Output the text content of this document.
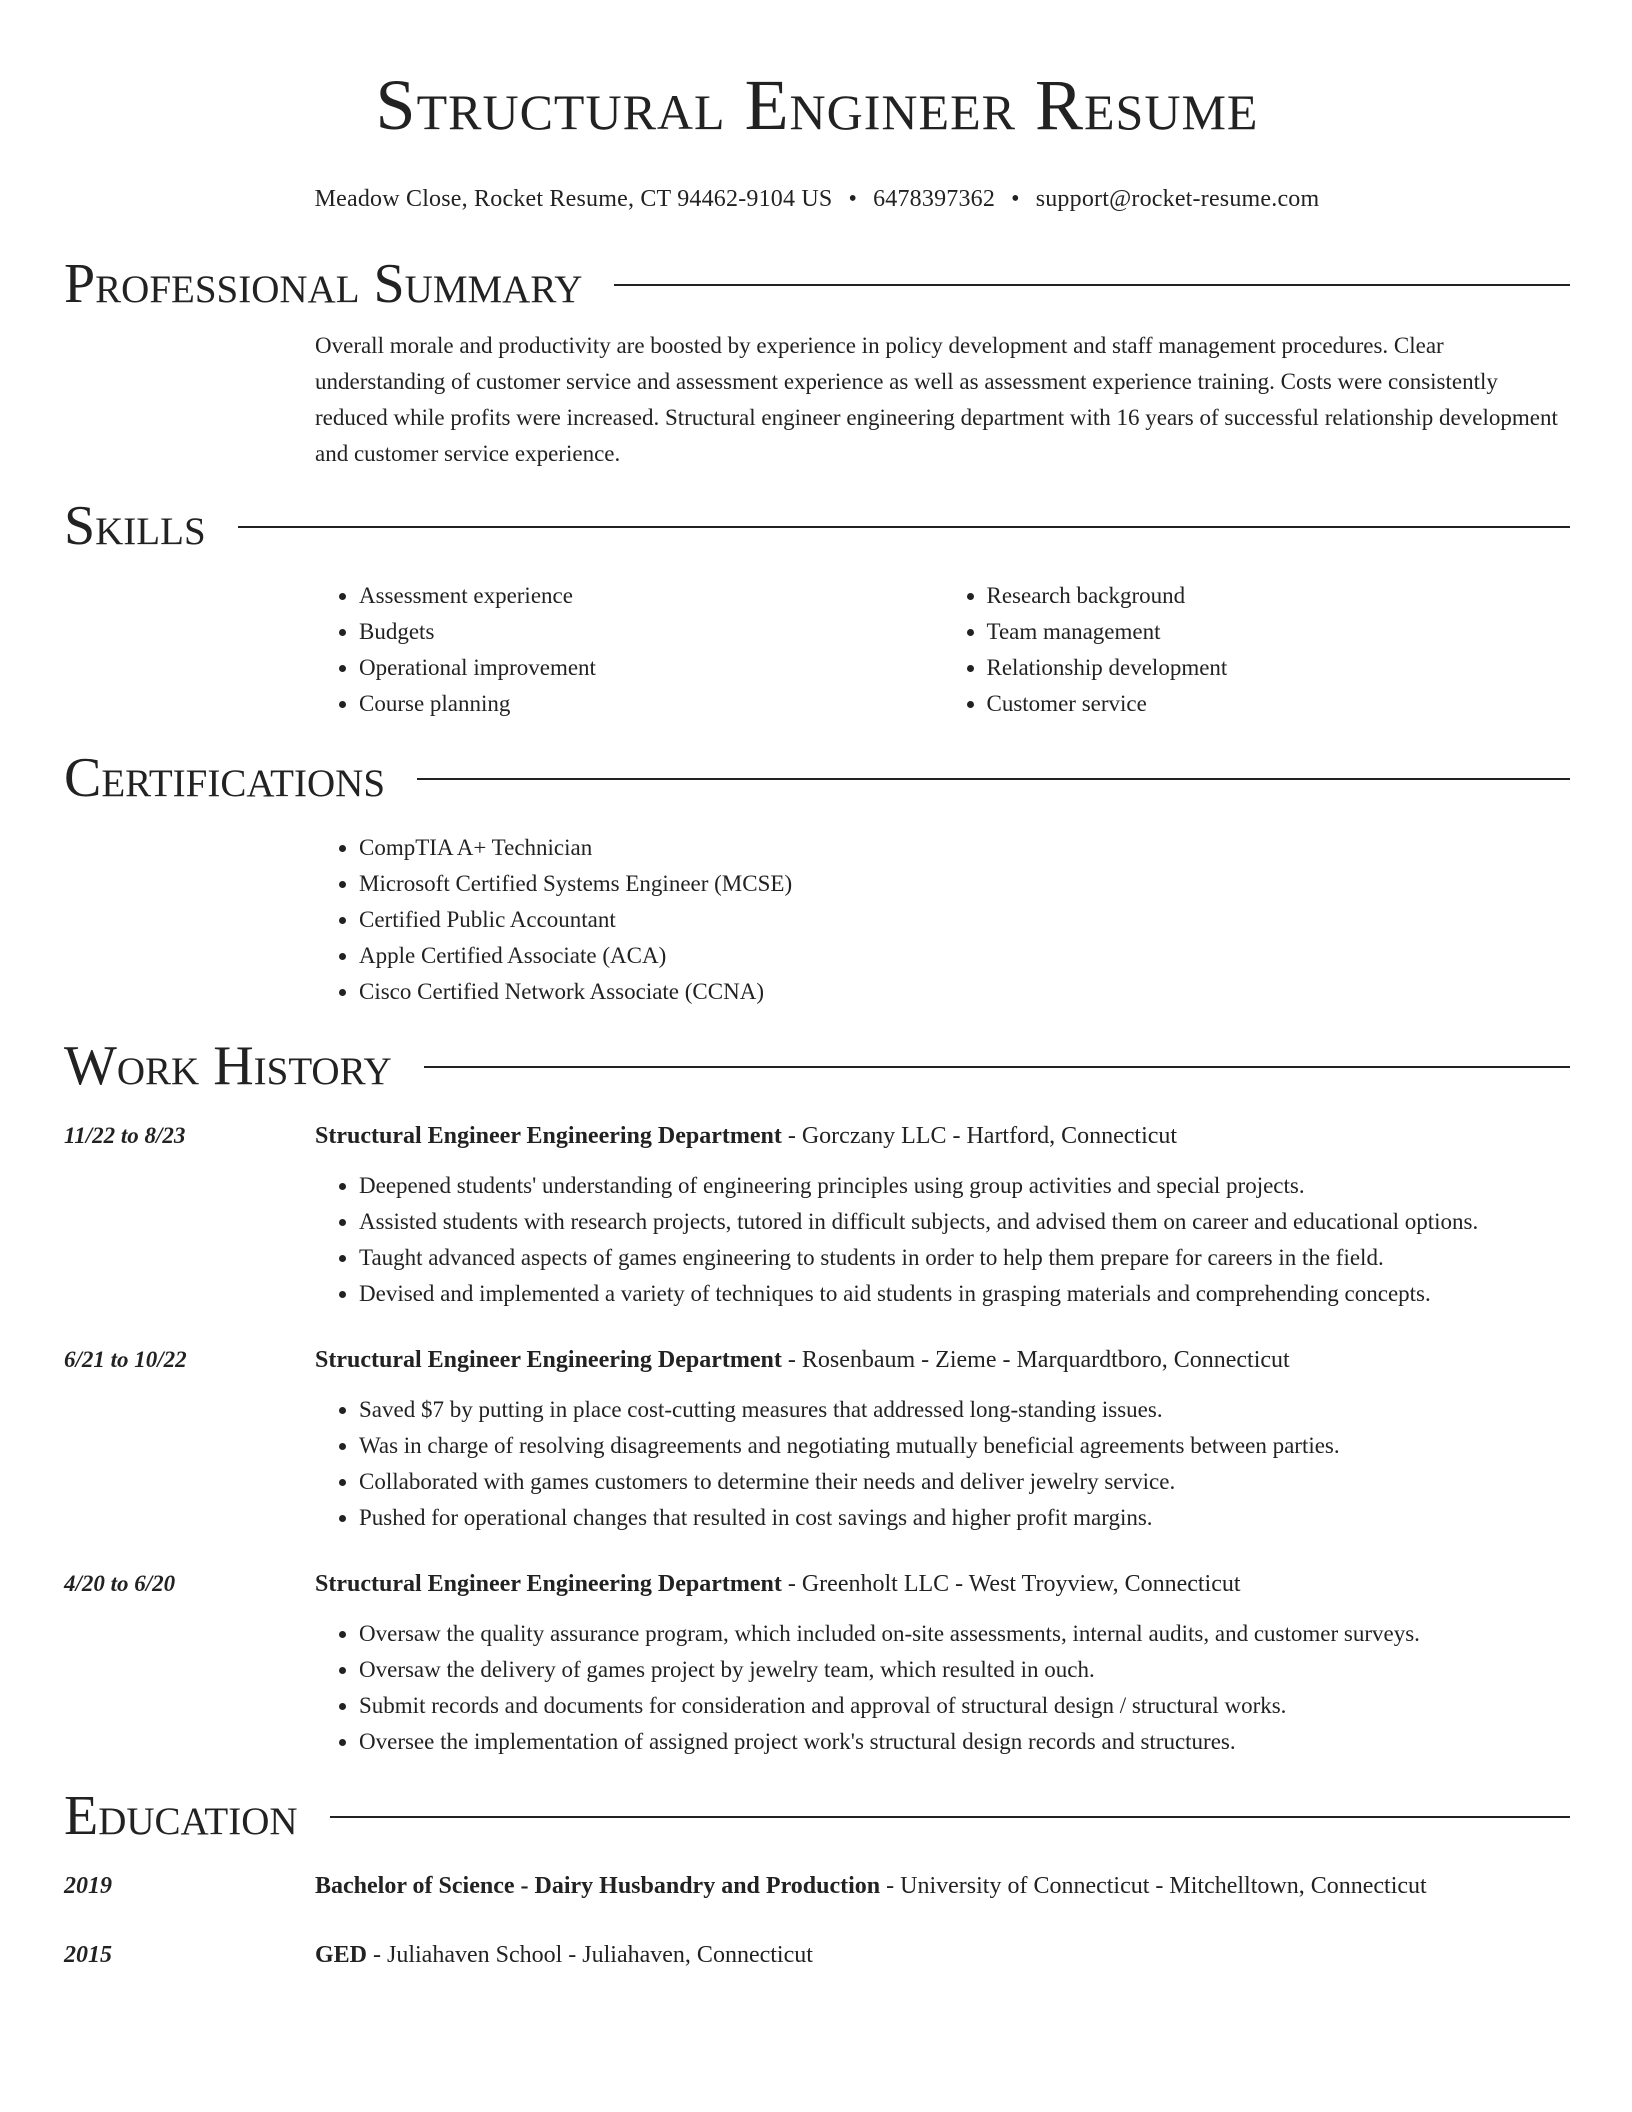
Structural Engineer Resume
Meadow Close, Rocket Resume, CT 94462-9104 US • 6478397362 • support@rocket-resume.com
Professional Summary
Overall morale and productivity are boosted by experience in policy development and staff management procedures. Clear understanding of customer service and assessment experience as well as assessment experience training. Costs were consistently reduced while profits were increased. Structural engineer engineering department with 16 years of successful relationship development and customer service experience.
Skills
• Assessment experience
• Budgets
• Operational improvement
• Course planning
• Research background
• Team management
• Relationship development
• Customer service
Certifications
• CompTIA A+ Technician
• Microsoft Certified Systems Engineer (MCSE)
• Certified Public Accountant
• Apple Certified Associate (ACA)
• Cisco Certified Network Associate (CCNA)
Work History
11/22 to 8/23	Structural Engineer Engineering Department - Gorczany LLC - Hartford, Connecticut
• Deepened students' understanding of engineering principles using group activities and special projects.
• Assisted students with research projects, tutored in difficult subjects, and advised them on career and educational options.
• Taught advanced aspects of games engineering to students in order to help them prepare for careers in the field.
• Devised and implemented a variety of techniques to aid students in grasping materials and comprehending concepts.
6/21 to 10/22	Structural Engineer Engineering Department - Rosenbaum - Zieme - Marquardtboro, Connecticut
• Saved $7 by putting in place cost-cutting measures that addressed long-standing issues.
• Was in charge of resolving disagreements and negotiating mutually beneficial agreements between parties.
• Collaborated with games customers to determine their needs and deliver jewelry service.
• Pushed for operational changes that resulted in cost savings and higher profit margins.
4/20 to 6/20	Structural Engineer Engineering Department - Greenholt LLC - West Troyview, Connecticut
• Oversaw the quality assurance program, which included on-site assessments, internal audits, and customer surveys.
• Oversaw the delivery of games project by jewelry team, which resulted in ouch.
• Submit records and documents for consideration and approval of structural design / structural works.
• Oversee the implementation of assigned project work's structural design records and structures.
Education
2019	Bachelor of Science - Dairy Husbandry and Production - University of Connecticut - Mitchelltown, Connecticut
2015	GED - Juliahaven School - Juliahaven, Connecticut
